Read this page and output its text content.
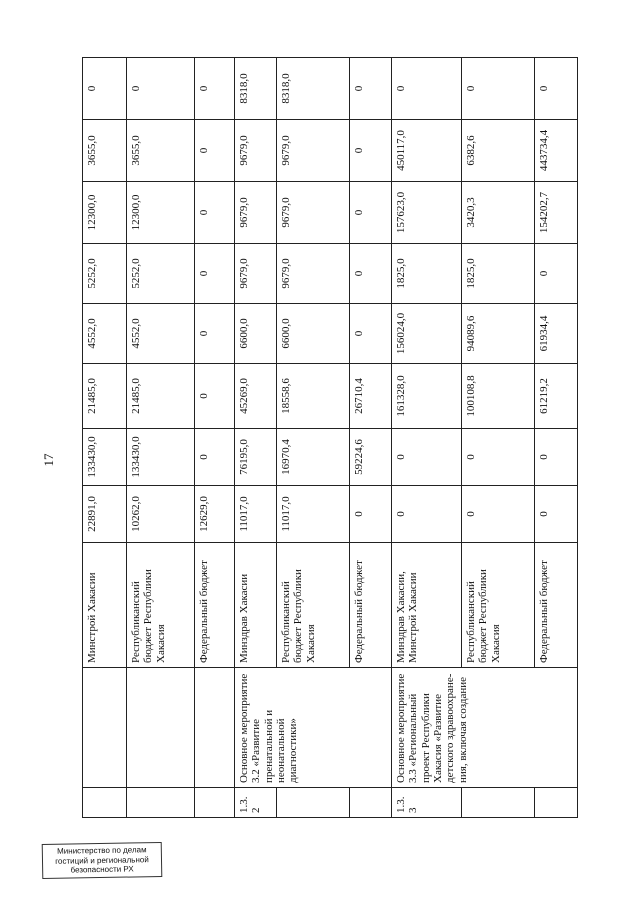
17
		Минстрой Хакасии	22891,0	133430,0	21485,0	4552,0	5252,0	12300,0	3655,0	0
		Республиканский бюджет Республики Хакасия	10262,0	133430,0	21485,0	4552,0	5252,0	12300,0	3655,0	0
		Федеральный бюджет	12629,0	0	0	0	0	0	0	0
1.3.2	Основное мероприятие 3.2 «Развитие пренатальной и неонатальной диагностики»	Минздрав Хакасии	11017,0	76195,0	45269,0	6600,0	9679,0	9679,0	9679,0	8318,0
		Республиканский бюджет Республики Хакасия	11017,0	16970,4	18558,6	6600,0	9679,0	9679,0	9679,0	8318,0
		Федеральный бюджет	0	59224,6	26710,4	0	0	0	0	0
1.3.3	Основное мероприятие 3.3 «Региональный проект Республики Хакасия «Развитие детского здравоохране-ния, включая создание	Минздрав Хакасии, Минстрой Хакасии	0	0	161328,0	156024,0	1825,0	157623,0	450117,0	0
		Республиканский бюджет Республики Хакасия	0	0	100108,8	94089,6	1825,0	3420,3	6382,6	0
		Федеральный бюджет	0	0	61219,2	61934,4	0	154202,7	443734,4	0
Министерство по делам
гостиций и региональной
безопасности РХ
